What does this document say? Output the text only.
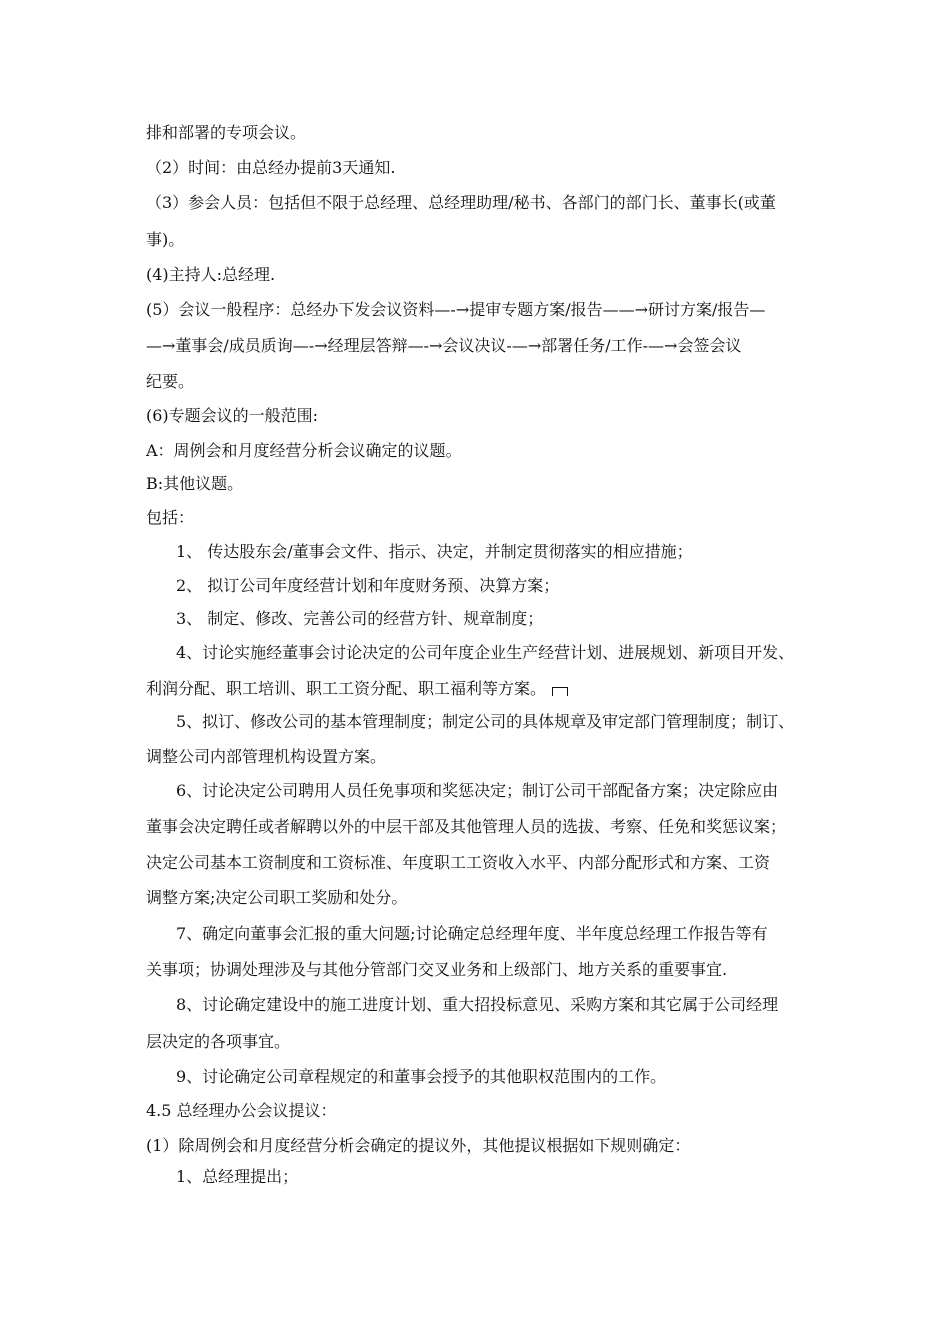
排和部署的专项会议。
（2）时间：由总经办提前3天通知.
（3）参会人员：包括但不限于总经理、总经理助理/秘书、各部门的部门长、董事长(或董
事)。
(4)主持人:总经理.
(5）会议一般程序：总经办下发会议资料—-→提审专题方案/报告——→研讨方案/报告—
—→董事会/成员质询—-→经理层答辩—-→会议决议-—→部署任务/工作-—→会签会议
纪要。
(6)专题会议的一般范围:
A：周例会和月度经营分析会议确定的议题。
B:其他议题。
包括：
1、 传达股东会/董事会文件、指示、决定，并制定贯彻落实的相应措施；
2、 拟订公司年度经营计划和年度财务预、决算方案；
3、 制定、修改、完善公司的经营方针、规章制度；
4、讨论实施经董事会讨论决定的公司年度企业生产经营计划、进展规划、新项目开发、
利润分配、职工培训、职工工资分配、职工福利等方案。
5、拟订、修改公司的基本管理制度；制定公司的具体规章及审定部门管理制度；制订、
调整公司内部管理机构设置方案。
6、讨论决定公司聘用人员任免事项和奖惩决定；制订公司干部配备方案；决定除应由
董事会决定聘任或者解聘以外的中层干部及其他管理人员的选拔、考察、任免和奖惩议案；
决定公司基本工资制度和工资标准、年度职工工资收入水平、内部分配形式和方案、工资
调整方案;决定公司职工奖励和处分。
7、确定向董事会汇报的重大问题;讨论确定总经理年度、半年度总经理工作报告等有
关事项；协调处理涉及与其他分管部门交叉业务和上级部门、地方关系的重要事宜.
8、讨论确定建设中的施工进度计划、重大招投标意见、采购方案和其它属于公司经理
层决定的各项事宜。
9、讨论确定公司章程规定的和董事会授予的其他职权范围内的工作。
4.5 总经理办公会议提议：
(1）除周例会和月度经营分析会确定的提议外，其他提议根据如下规则确定：
1、总经理提出；
